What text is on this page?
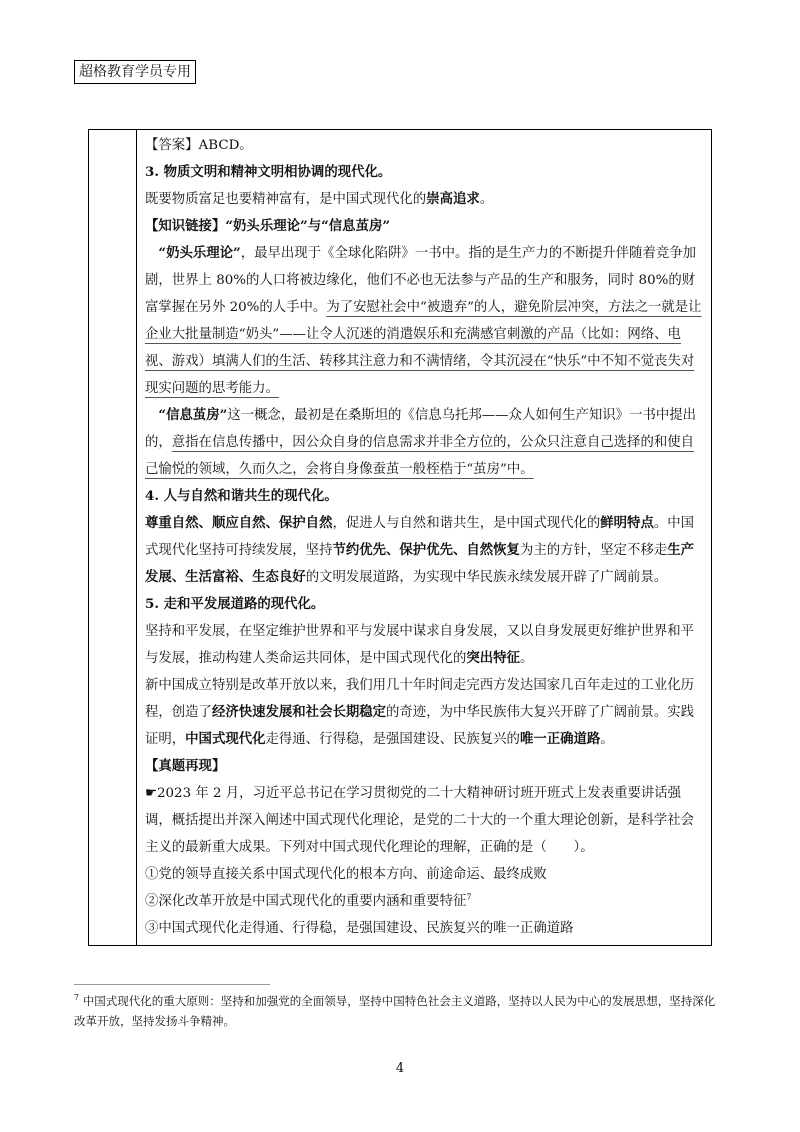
超格教育学员专用

【答案】ABCD。

3. 物质文明和精神文明相协调的现代化。

既要物质富足也要精神富有，是中国式现代化的崇高追求。

【知识链接】“奶头乐理论”与“信息茧房”

　“奶头乐理论”，最早出现于《全球化陷阱》一书中。指的是生产力的不断提升伴随着竞争加剧，世界上 80%的人口将被边缘化，他们不必也无法参与产品的生产和服务，同时 80%的财富掌握在另外 20%的人手中。为了安慰社会中“被遗弃”的人，避免阶层冲突，方法之一就是让企业大批量制造“奶头”——让令人沉迷的消遣娱乐和充满感官刺激的产品（比如：网络、电视、游戏）填满人们的生活、转移其注意力和不满情绪，令其沉浸在“快乐”中不知不觉丧失对现实问题的思考能力。

　“信息茧房”这一概念，最初是在桑斯坦的《信息乌托邦——众人如何生产知识》一书中提出的，意指在信息传播中，因公众自身的信息需求并非全方位的，公众只注意自己选择的和使自己愉悦的领域，久而久之，会将自身像蚕茧一般桎梏于“茧房”中。

4. 人与自然和谐共生的现代化。

尊重自然、顺应自然、保护自然，促进人与自然和谐共生，是中国式现代化的鲜明特点。中国式现代化坚持可持续发展，坚持节约优先、保护优先、自然恢复为主的方针，坚定不移走生产发展、生活富裕、生态良好的文明发展道路，为实现中华民族永续发展开辟了广阔前景。

5. 走和平发展道路的现代化。

坚持和平发展，在坚定维护世界和平与发展中谋求自身发展，又以自身发展更好维护世界和平与发展，推动构建人类命运共同体，是中国式现代化的突出特征。

新中国成立特别是改革开放以来，我们用几十年时间走完西方发达国家几百年走过的工业化历程，创造了经济快速发展和社会长期稳定的奇迹，为中华民族伟大复兴开辟了广阔前景。实践证明，中国式现代化走得通、行得稳，是强国建设、民族复兴的唯一正确道路。

【真题再现】

☛2023 年 2 月，习近平总书记在学习贯彻党的二十大精神研讨班开班式上发表重要讲话强调，概括提出并深入阐述中国式现代化理论，是党的二十大的一个重大理论创新，是科学社会主义的最新重大成果。下列对中国式现代化理论的理解，正确的是（　　）。

①党的领导直接关系中国式现代化的根本方向、前途命运、最终成败

②深化改革开放是中国式现代化的重要内涵和重要特征$^7$

③中国式现代化走得通、行得稳，是强国建设、民族复兴的唯一正确道路

$^7$ 中国式现代化的重大原则：坚持和加强党的全面领导，坚持中国特色社会主义道路，坚持以人民为中心的发展思想，坚持深化改革开放，坚持发扬斗争精神。
4
